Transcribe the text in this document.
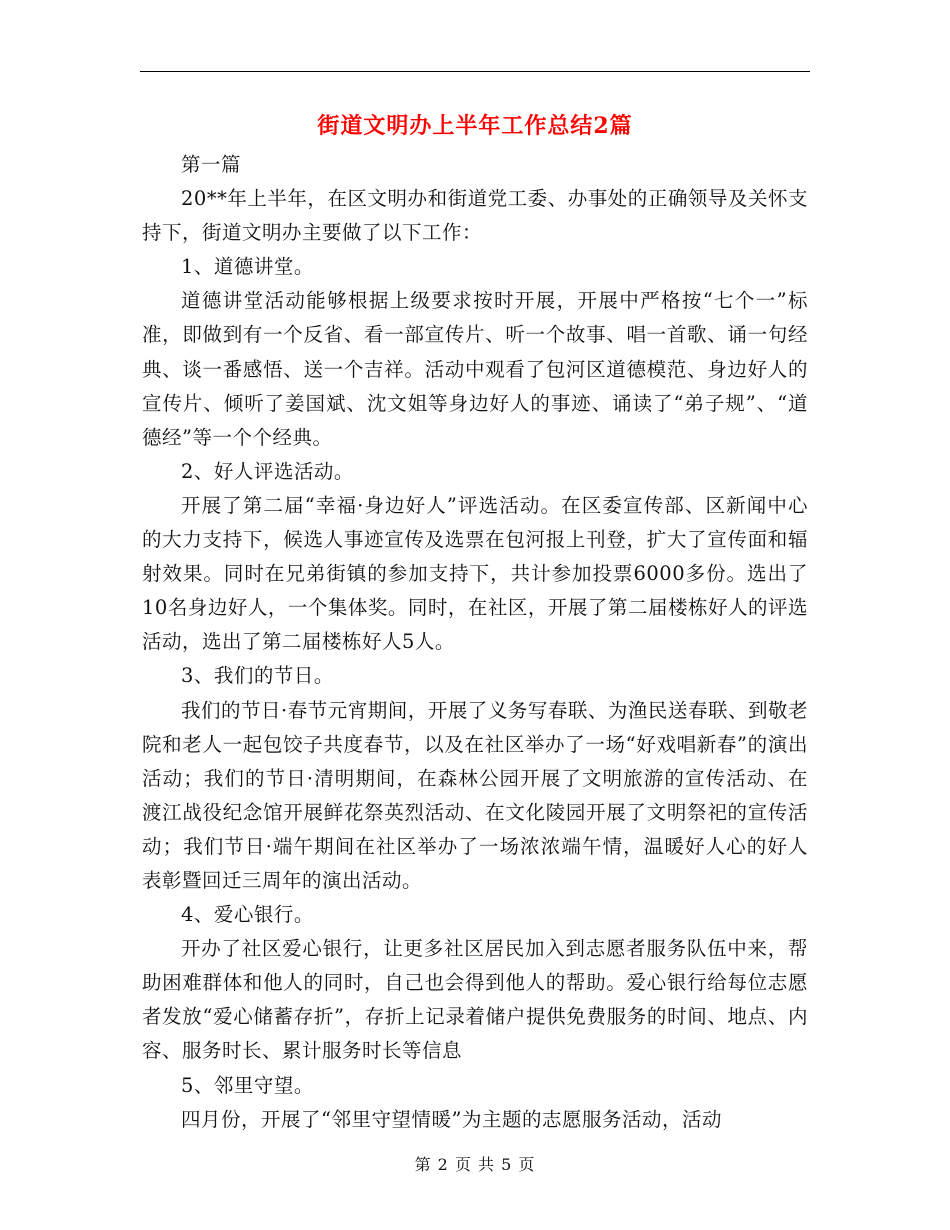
街道文明办上半年工作总结2篇

第一篇

20**年上半年，在区文明办和街道党工委、办事处的正确领导及关怀支持下，街道文明办主要做了以下工作：

1、道德讲堂。

道德讲堂活动能够根据上级要求按时开展，开展中严格按“七个一”标准，即做到有一个反省、看一部宣传片、听一个故事、唱一首歌、诵一句经典、谈一番感悟、送一个吉祥。活动中观看了包河区道德模范、身边好人的宣传片、倾听了姜国斌、沈文姐等身边好人的事迹、诵读了“弟子规”、“道德经”等一个个经典。

2、好人评选活动。

开展了第二届“幸福·身边好人”评选活动。在区委宣传部、区新闻中心的大力支持下，候选人事迹宣传及选票在包河报上刊登，扩大了宣传面和辐射效果。同时在兄弟街镇的参加支持下，共计参加投票6000多份。选出了10名身边好人，一个集体奖。同时，在社区，开展了第二届楼栋好人的评选活动，选出了第二届楼栋好人5人。

3、我们的节日。

我们的节日·春节元宵期间，开展了义务写春联、为渔民送春联、到敬老院和老人一起包饺子共度春节，以及在社区举办了一场“好戏唱新春”的演出活动；我们的节日·清明期间，在森林公园开展了文明旅游的宣传活动、在渡江战役纪念馆开展鲜花祭英烈活动、在文化陵园开展了文明祭祀的宣传活动；我们节日·端午期间在社区举办了一场浓浓端午情，温暖好人心的好人表彰暨回迁三周年的演出活动。

4、爱心银行。

开办了社区爱心银行，让更多社区居民加入到志愿者服务队伍中来，帮助困难群体和他人的同时，自己也会得到他人的帮助。爱心银行给每位志愿者发放“爱心储蓄存折”，存折上记录着储户提供免费服务的时间、地点、内容、服务时长、累计服务时长等信息

5、邻里守望。

四月份，开展了“邻里守望情暖”为主题的志愿服务活动，活动

第 2 页 共 5 页
